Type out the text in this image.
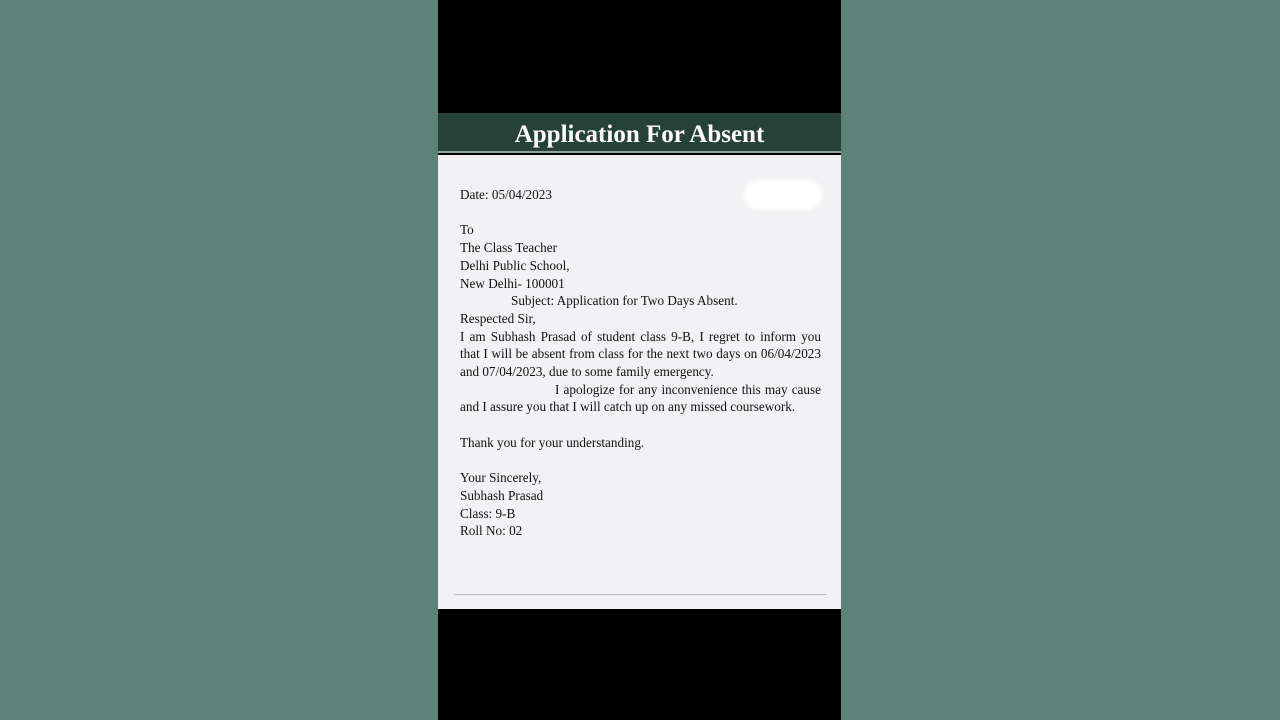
Application For Absent
Date: 05/04/2023
To
The Class Teacher
Delhi Public School,
New Delhi- 100001
Subject: Application for Two Days Absent.
Respected Sir,
I am Subhash Prasad of student class 9-B, I regret to inform you that I will be absent from class for the next two days on 06/04/2023 and 07/04/2023, due to some family emergency.
I apologize for any inconvenience this may cause and I assure you that I will catch up on any missed coursework.
Thank you for your understanding.
Your Sincerely,
Subhash Prasad
Class: 9-B
Roll No: 02
